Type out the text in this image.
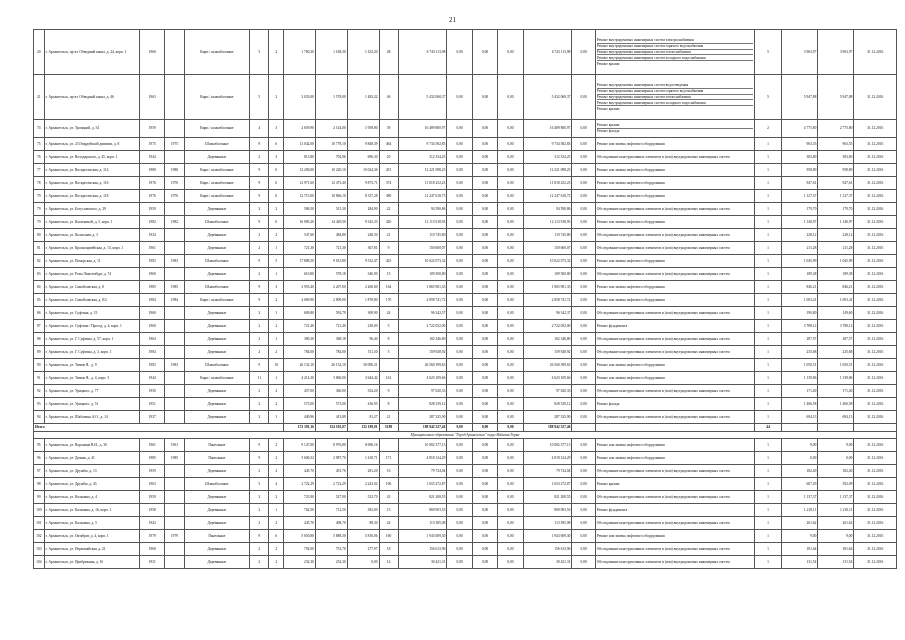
21
20	г. Архангельск, пр-кт. Обводный канал, д. 24, корп. 1	1966		Кирп./ шлакоблочные	5	2	1 760,30	1 168,30	1 432,20	48	6 743 113,98	0,00	0,00	0,00	6 743 113,98	0,00	Ремонт внутридомовых инженерных систем электроснабжения
Ремонт внутридомовых инженерных систем горячего водоснабжения
Ремонт внутридомовых инженерных систем теплоснабжения
Ремонт внутридомовых инженерных систем холодного водоснабжения
Ремонт крыши	5	3 963,97	3 963,97	31.12.2016
21	г. Архангельск, пр-кт. Обводный канал, д. 46	1963		Кирп./ шлакоблочные	5	2	2 033,00	1 578,00	1 483,22	46	5 432 068,37	0,00	0,00	0,00	5 432 068,37	0,00	Ремонт внутридомовых инженерных систем водоотведения
Ремонт внутридомовых инженерных систем горячего водоснабжения
Ремонт внутридомовых инженерных систем теплоснабжения
Ремонт внутридомовых инженерных систем холодного водоснабжения
Ремонт крыши	5	5 947,88	5 947,88	31.12.2016
74	г. Архангельск, ул. Троицкий, д. 54	1959		Кирп./ шлакоблочные	4	3	2 659,90	2 144,00	1 958,80	39	16 489 800,97	0,00	0,00	0,00	16 489 800,97	0,00	Ремонт крыши
Ремонт фасада	2	4 775,80	2 775,80	31.12.2016
75	г. Архангельск, ул. 23 Гвардейской дивизии, д. 8	1975	1975	Шлакоблочные	9	6	13 042,00	10 778,10	9 848,39	464	9 734 582,83	0,00	0,00	0,00	9 734 582,83	0,00	Ремонт или замена лифтового оборудования	1	963,35	963,35	31.12.2016
76	г. Архангельск, ул. Володарского, д. 45, корп. 1	1944		Деревянные	2	3	813,80	702,96	696,30	20	312 334,25	0,00	0,00	0,00	312 334,25	0,00	Обследование конструктивных элементов и (или) внутридомовых инженерных систем	1	383,80	383,80	31.12.2016
77	г. Архангельск, ул. Воскресенская, д. 114	1980	1980	Кирп./ шлакоблочные	9	6	12 200,00	10 220,10	10 024,36	451	12 221 098,23	0,00	0,00	0,00	12 221 098,23	0,00	Ремонт или замена лифтового оборудования	1	958,80	958,80	31.12.2016
78	г. Архангельск, ул. Воскресенская, д. 116	1976	1976	Кирп./ шлакоблочные	9	6	12 971,60	12 473,40	9 873,71	374	11 818 252,23	0,00	0,00	0,00	11 818 252,23	0,00	Ремонт или замена лифтового оборудования	1	947,61	947,61	31.12.2016
79	г. Архангельск, ул. Воскресенская, д. 118	1976	1976	Кирп./ шлакоблочные	9	6	12 715,00	10 866,10	8 337,28	380	12 247 618,75	0,00	0,00	0,00	12 247 618,75	0,00	Ремонт или замена лифтового оборудования	1	1 127,37	1 127,37	31.12.2016
79	г. Архангельск, ул. Богуславского, д. 29	1959		Деревянные	2	2	586,50	515,30	284,90	22	94 590,86	0,00	0,00	0,00	94 590,86	0,00	Обследование конструктивных элементов и (или) внутридомовых инженерных систем	1	179,70	179,70	31.12.2016
79	г. Архангельск, ул. Касаткиной, д. 5, корп. 1	1982	1982	Шлакоблочные	9	6	16 085,20	14 429,50	9 343,33	420	12 113 918,93	0,00	0,00	0,00	12 113 918,93	0,00	Ремонт или замена лифтового оборудования	1	1 140,97	1 140,97	31.12.2016
80	г. Архангельск, ул. Колхозная, д. 3	1934		Деревянные	2	2	547,60	484,80	248,30	21	110 745,80	0,00	0,00	0,00	110 745,80	0,00	Обследование конструктивных элементов и (или) внутридомовых инженерных систем	1	228,12	228,12	31.12.2016
81	г. Архангельск, ул. Красноармейская, д. 13, корп. 1	1961		Деревянные	2	1	721,30	721,30	367,81	9	150 600,07	0,00	0,00	0,00	150 600,07	0,00	Обследование конструктивных элементов и (или) внутридомовых инженерных систем	1	211,28	211,28	31.12.2016
82	г. Архангельск, ул. Поморская, д. 11	1983	1983	Шлакоблочные	9	5	17 888,50	9 015,80	9 532,47	425	10 022 073,32	0,00	0,00	0,00	10 022 073,32	0,00	Ремонт или замена лифтового оборудования	1	1 045,99	1 045,99	31.12.2016
83	г. Архангельск, ул. Розы Люксембург, д. 74	1960		Деревянные	2	1	610,80	578,18	346,90	15	109 500,80	0,00	0,00	0,00	109 500,80	0,00	Обследование конструктивных элементов и (или) внутридомовых инженерных систем	1	189,38	189,38	31.12.2016
84	г. Архангельск, ул. Самойловская, д. 8	1985	1985	Шлакоблочные	9	3	3 953,40	2 207,00	2 260,60	164	1 865 901,35	0,00	0,00	0,00	1 865 901,35	0,00	Ремонт или замена лифтового оборудования	1	846,21	846,21	31.12.2016
85	г. Архангельск, ул. Самойловская, д. 8/2	1984	1984	Кирп./ шлакоблочные	9	2	4 069,90	2 809,00	1 878,80	170	2 858 741,72	0,00	0,00	0,00	2 858 741,72	0,00	Ремонт или замена лифтового оборудования	1	1 003,41	1 003,41	31.12.2016
86	г. Архангельск, ул. Суфтина, д. 15	1960		Деревянные	2	1	609,80	592,79	369,90	24	96 342,37	0,00	0,00	0,00	96 342,37	0,00	Обследование конструктивных элементов и (или) внутридомовых инженерных систем	1	190,80	149,60	31.12.2016
87	г. Архангельск, ул. Суфтина / Проезд, д. 4, корп. 1	1960		Деревянные	2	2	721,40	721,40	238,00	5	2 722 052,00	0,00	0,00	0,00	2 722 052,00	0,00	Ремонт фундамента	1	3 788,12	3 788,12	31.12.2016
88	г. Архангельск, ул. Г. Суфтина, д. 57, корп. 1	1964		Деревянные	2	1	380,30	368,18	96,40	8	102 346,80	0,00	0,00	0,00	102 346,80	0,00	Обследование конструктивных элементов и (или) внутридомовых инженерных систем	1	287,57	287,57	31.12.2016
89	г. Архангельск, ул. Г. Суфтина, д. 3, корп. 1	1984		Деревянные	2	2	784,00	784,00	511,30	5	159 928,92	0,00	0,00	0,00	159 928,92	0,00	Обследование конструктивных элементов и (или) внутридомовых инженерных систем	1	235,68	235,68	31.12.2016
90	г. Архангельск, ул. Тимме Я., д. 9	1983	1983	Шлакоблочные	9	10	26 132,10	26 132,10	30 090,21		26 560 399,63	0,00	0,00	0,00	26 560 399,63	0,00	Ремонт или замена лифтового оборудования	1	1 050,51	1 050,51	31.12.2016
91	г. Архангельск, ул. Тимме Я., д. 4, корп. 3	1944		Кирп./ шлакоблочные	11	1	4 214,30	3 860,00	3 644,42	161	4 623 109,66	0,00	0,00	0,00	4 623 109,66	0,00	Ремонт или замена лифтового оборудования	1	1 139,86	1 139,86	31.12.2016
92	г. Архангельск, ул. Урицкого, д. 77	1950		Деревянные	2	2	457,00	360,00	354,20	9	97 020,33	0,00	0,00	0,00	97 020,33	0,00	Обследование конструктивных элементов и (или) внутридомовых инженерных систем	1	171,40	171,40	31.12.2016
93	г. Архангельск, ул. Урицкого, д. 51	1951		Деревянные	2	2	573,00	573,00	436,95	8	828 339,12	0,00	0,00	0,00	828 339,12	0,00	Ремонт фасада	1	1 406,58	1 406,58	31.12.2016
94	г. Архангельск, ул. Шабалина А.О., д. 14	1937		Деревянные	2	1	449,96	413,89	81,27	21	287 325,90	0,00	0,00	0,00	287 325,90	0,00	Обследование конструктивных элементов и (или) внутридомовых инженерных систем	1	694,13	694,13	31.12.2016
Итого							172 391,16	154 105,07	132 199,01	5189	188 942 527,46	0,00	0,00	0,00	188 942 527,46			44			
Муниципальное образование "Город Архангельск" округ Майская Горка																					
95	г. Архангельск, ул. Воронина В.И., д. 30	1961	1961	Панельные	9	2	9 147,00	8 976,80	8 696,16		10 082 377,13	0,00	0,00	0,00	10 082 377,13	0,00	Ремонт или замена лифтового оборудования	1	9,00	9,00	31.12.2016
96	г. Архангельск, ул. Дачная, д. 41	1985	1985	Панельные	9	2	5 600,32	2 987,70	1 418,71	171	4 818 124,29	0,00	0,00	0,00	4 818 124,29	0,00	Ремонт или замена лифтового оборудования	1	0,00	0,00	31.12.2016
97	г. Архангельск, ул. Дружбы, д. 13	1959		Деревянные	2	2	445,70	401,76	281,20	16	79 724,04	0,00	0,00	0,00	79 724,04	0,00	Обследование конструктивных элементов и (или) внутридомовых инженерных систем	1	182,40	182,40	31.12.2016
98	г. Архангельск, ул. Дружбы, д. 43	1963		Шлакоблочные	5	4	2 722,29	2 722,29	2 243,02	196	1 653 272,87	0,00	0,00	0,00	1 653 272,87	0,00	Ремонт крыши	1	607,29	592,09	31.12.2016
99	г. Архангельск, ул. Кальмана, д. 4	1959		Деревянные	2	2	723,90	527,90	523,70	43	821 208,55	0,00	0,00	0,00	821 208,55	0,00	Обследование конструктивных элементов и (или) внутридомовых инженерных систем	1	1 137,37	1 137,37	31.12.2016
100	г. Архангельск, ул. Кальмана, д. 16, корп. 1	1958		Деревянные	2	1	762,50	712,50	382,00	15	869 903,53	0,00	0,00	0,00	869 903,53	0,00	Ремонт фундамента	1	1 218,11	1 218,11	31.12.2016
101	г. Архангельск, ул. Кальмана, д. 5	1943		Деревянные	2	2	445,70	408,70	88,30	24	113 385,08	0,00	0,00	0,00	113 385,08	0,00	Обследование конструктивных элементов и (или) внутридомовых инженерных систем	1	261,62	261,62	31.12.2016
102	г. Архангельск, ул. Октябрят, д. 4, корп. 1	1979	1979	Панельные	9	6	5 650,80	5 888,30	5 816,06	160	1 943 609,30	0,00	0,00	0,00	1 943 609,30	0,00	Ремонт или замена лифтового оборудования	1	9,00	9,00	31.12.2016
103	г. Архангельск, ул. Первомайская, д. 21	1960		Деревянные	2	2	792,00	753,70	277,97	18	156 613,96	0,00	0,00	0,00	156 613,96	0,00	Обследование конструктивных элементов и (или) внутридомовых инженерных систем	1	181,64	181,64	31.12.2016
104	г. Архангельск, ул. Прибрежная, д. 16	1931		Деревянные	2	2	232,30	232,30	0,00	14	30 421,31	0,00	0,00	0,00	30 421,31	0,00	Обследование конструктивных элементов и (или) внутридомовых инженерных систем	1	131,54	131,54	31.12.2016
